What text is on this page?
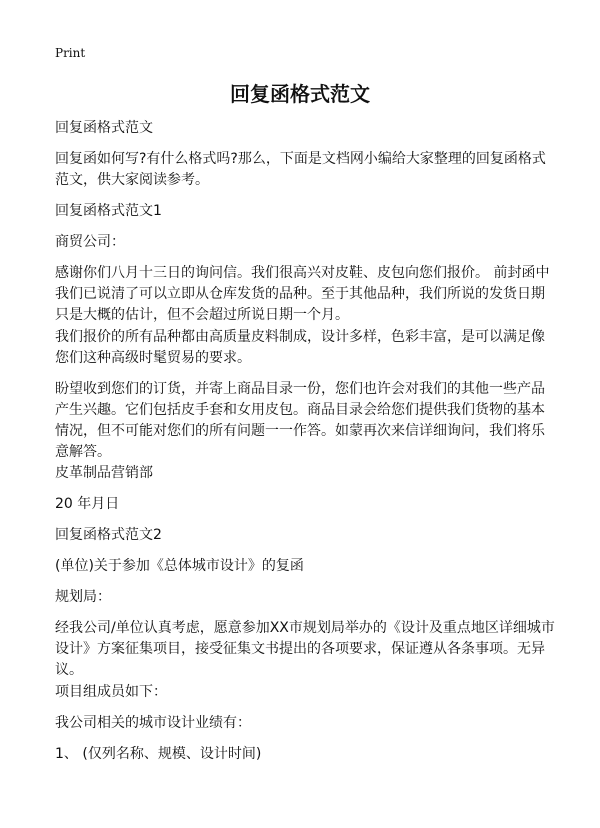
Print
回复函格式范文

回复函格式范文

回复函如何写?有什么格式吗?那么，下面是文档网小编给大家整理的回复函格式范文，供大家阅读参考。

回复函格式范文1

商贸公司：

感谢你们八月十三日的询问信。我们很高兴对皮鞋、皮包向您们报价。 前封函中我们已说清了可以立即从仓库发货的品种。至于其他品种，我们所说的发货日期只是大概的估计，但不会超过所说日期一个月。

我们报价的所有品种都由高质量皮料制成，设计多样，色彩丰富，是可以满足像您们这种高级时髦贸易的要求。

盼望收到您们的订货，并寄上商品目录一份，您们也许会对我们的其他一些产品产生兴趣。它们包括皮手套和女用皮包。商品目录会给您们提供我们货物的基本情况，但不可能对您们的所有问题一一作答。如蒙再次来信详细询问，我们将乐意解答。

皮革制品营销部

20 年月日

回复函格式范文2

(单位)关于参加《总体城市设计》的复函

规划局：

经我公司/单位认真考虑，愿意参加XX市规划局举办的《设计及重点地区详细城市设计》方案征集项目，接受征集文书提出的各项要求，保证遵从各条事项。无异议。

项目组成员如下：

我公司相关的城市设计业绩有：

1、 (仅列名称、规模、设计时间)
